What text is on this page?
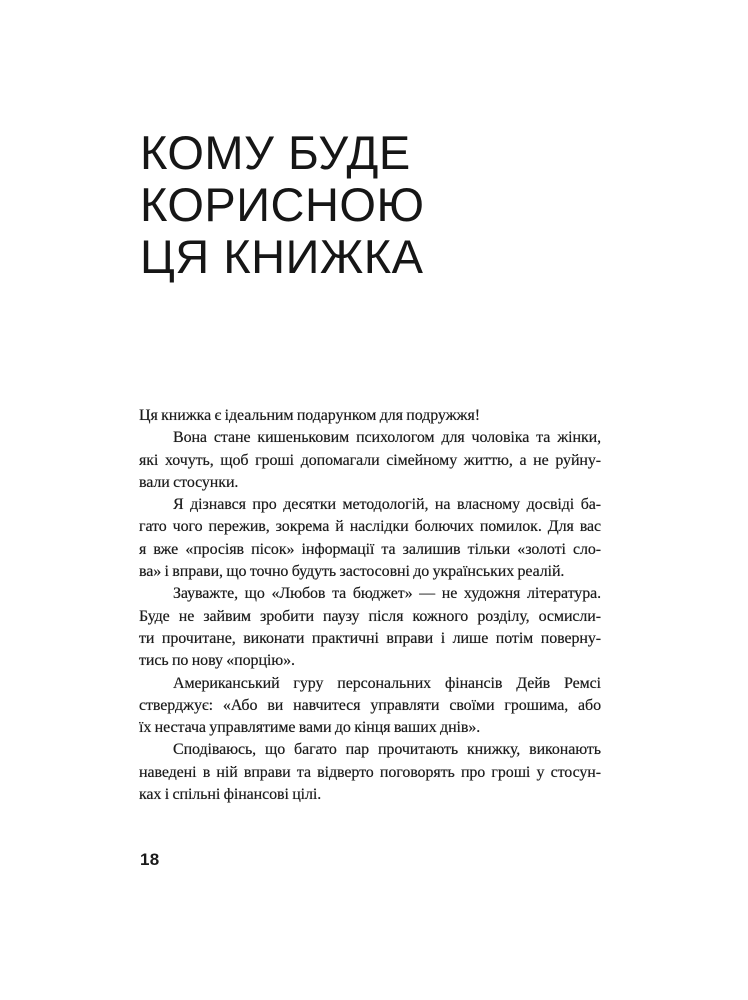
КОМУ БУДЕ
КОРИСНОЮ
ЦЯ КНИЖКА
Ця книжка є ідеальним подарунком для подружжя!
Вона стане кишеньковим психологом для чоловіка та жінки,
які хочуть, щоб гроші допомагали сімейному життю, а не руйну-
вали стосунки.
Я дізнався про десятки методологій, на власному досвіді ба-
гато чого пережив, зокрема й наслідки болючих помилок. Для вас
я вже «просіяв пісок» інформації та залишив тільки «золоті сло-
ва» і вправи, що точно будуть застосовні до українських реалій.
Зауважте, що «Любов та бюджет» — не художня література.
Буде не зайвим зробити паузу після кожного розділу, осмисли-
ти прочитане, виконати практичні вправи і лише потім поверну-
тись по нову «порцію».
Американський гуру персональних фінансів Дейв Ремсі
стверджує: «Або ви навчитеся управляти своїми грошима, або
їх нестача управлятиме вами до кінця ваших днів».
Сподіваюсь, що багато пар прочитають книжку, виконають
наведені в ній вправи та відверто поговорять про гроші у стосун-
ках і спільні фінансові цілі.
18
